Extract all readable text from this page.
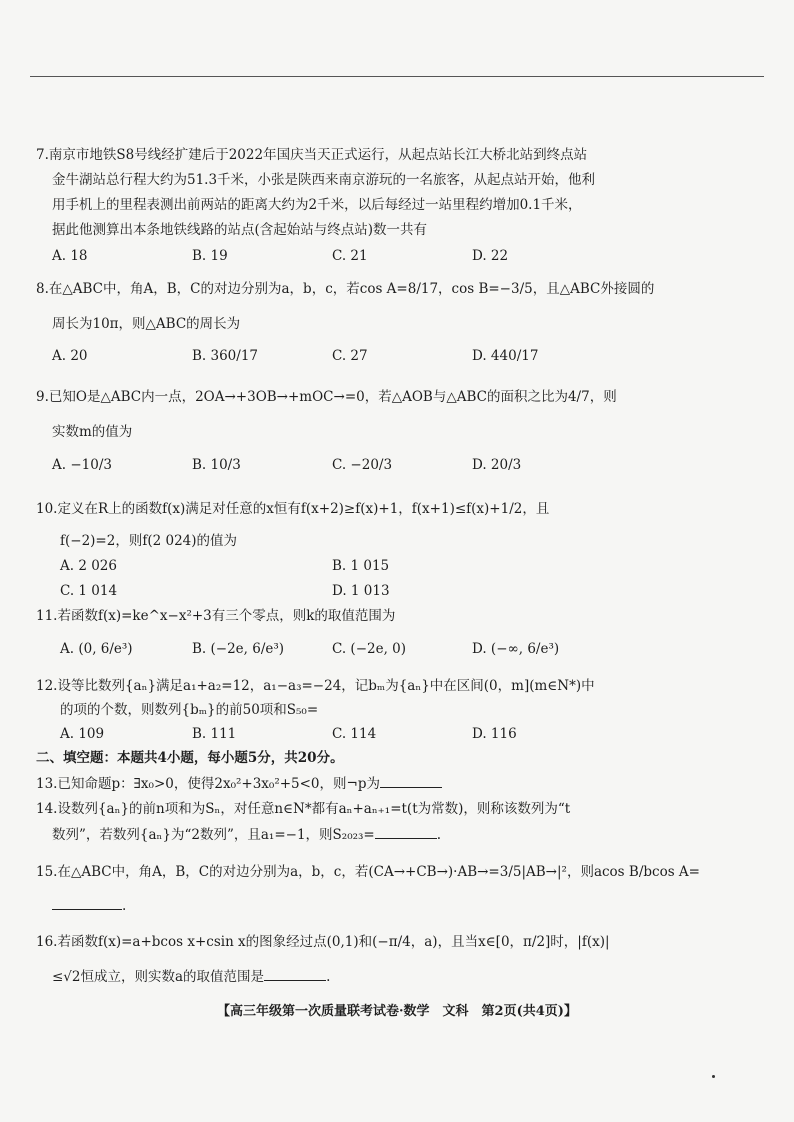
7.南京市地铁S8号线经扩建后于2022年国庆当天正式运行，从起点站长江大桥北站到终点站
金牛湖站总行程大约为51.3千米，小张是陕西来南京游玩的一名旅客，从起点站开始，他利
用手机上的里程表测出前两站的距离大约为2千米，以后每经过一站里程约增加0.1千米，
据此他测算出本条地铁线路的站点(含起始站与终点站)数一共有
A. 18	B. 19	C. 21	D. 22
8.在△ABC中，角A，B，C的对边分别为a，b，c，若cos A=8/17，cos B=−3/5，且△ABC外接圆的
周长为10π，则△ABC的周长为
A. 20	B. 360/17	C. 27	D. 440/17
9.已知O是△ABC内一点，2OA→+3OB→+mOC→=0，若△AOB与△ABC的面积之比为4/7，则
实数m的值为
A. −10/3	B. 10/3	C. −20/3	D. 20/3
10.定义在R上的函数f(x)满足对任意的x恒有f(x+2)≥f(x)+1，f(x+1)≤f(x)+1/2，且
f(−2)=2，则f(2 024)的值为
A. 2 026	B. 1 015
C. 1 014	D. 1 013
11.若函数f(x)=ke^x−x²+3有三个零点，则k的取值范围为
A. (0, 6/e³)	B. (−2e, 6/e³)	C. (−2e, 0)	D. (−∞, 6/e³)
12.设等比数列{aₙ}满足a₁+a₂=12，a₁−a₃=−24，记bₘ为{aₙ}中在区间(0，m](m∈N*)中
的项的个数，则数列{bₘ}的前50项和S₅₀=
A. 109	B. 111	C. 114	D. 116
二、填空题：本题共4小题，每小题5分，共20分。
13.已知命题p：∃x₀>0，使得2x₀²+3x₀²+5<0，则¬p为
14.设数列{aₙ}的前n项和为Sₙ，对任意n∈N*都有aₙ+aₙ₊₁=t(t为常数)，则称该数列为“t
数列”，若数列{aₙ}为“2数列”，且a₁=−1，则S₂₀₂₃=	.
15.在△ABC中，角A，B，C的对边分别为a，b，c，若(CA→+CB→)·AB→=3/5|AB→|²，则acos B/bcos A=
.
16.若函数f(x)=a+bcos x+csin x的图象经过点(0,1)和(−π/4，a)，且当x∈[0，π/2]时，|f(x)|
≤√2恒成立，则实数a的取值范围是	.
【高三年级第一次质量联考试卷·数学　文科　第2页(共4页)】
